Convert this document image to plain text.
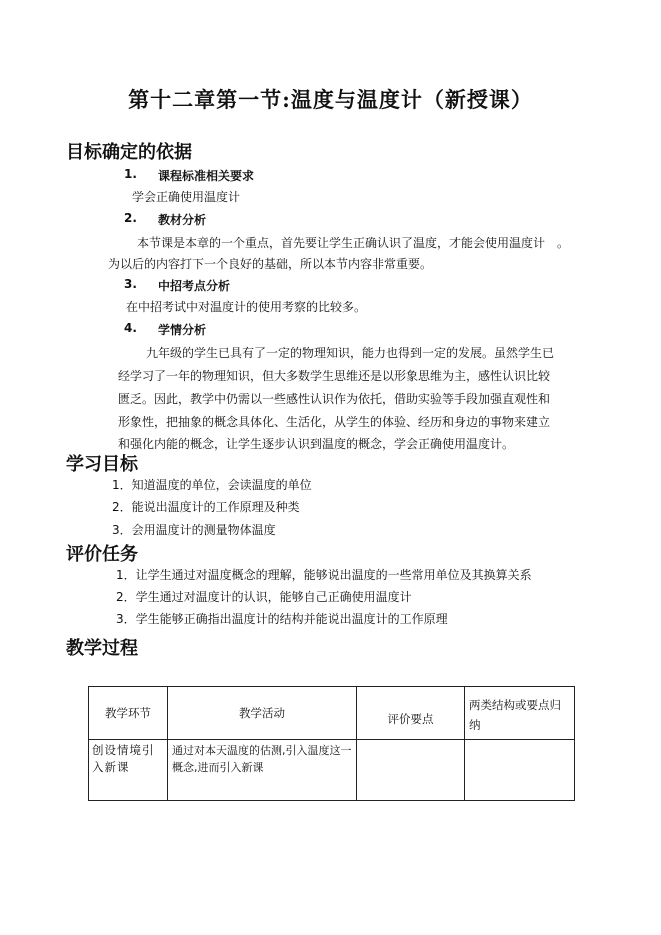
第十二章第一节:温度与温度计（新授课）
目标确定的依据
1. 课程标准相关要求
学会正确使用温度计
2. 教材分析
本节课是本章的一个重点，首先要让学生正确认识了温度，才能会使用温度计　。
为以后的内容打下一个良好的基础，所以本节内容非常重要。
3. 中招考点分析
在中招考试中对温度计的使用考察的比较多。
4. 学情分析
九年级的学生已具有了一定的物理知识，能力也得到一定的发展。虽然学生已
经学习了一年的物理知识，但大多数学生思维还是以形象思维为主，感性认识比较
匮乏。因此，教学中仍需以一些感性认识作为依托，借助实验等手段加强直观性和
形象性，把抽象的概念具体化、生活化，从学生的体验、经历和身边的事物来建立
和强化内能的概念，让学生逐步认识到温度的概念，学会正确使用温度计。
学习目标
1．知道温度的单位，会读温度的单位
2．能说出温度计的工作原理及种类
3．会用温度计的测量物体温度
评价任务
1．让学生通过对温度概念的理解，能够说出温度的一些常用单位及其换算关系
2．学生通过对温度计的认识，能够自己正确使用温度计
3．学生能够正确指出温度计的结构并能说出温度计的工作原理
教学过程
教学环节	教学活动	评价要点	两类结构或要点归纳

创设情境引入新课	通过对本天温度的估测,引入温度这一概念,进而引入新课		
